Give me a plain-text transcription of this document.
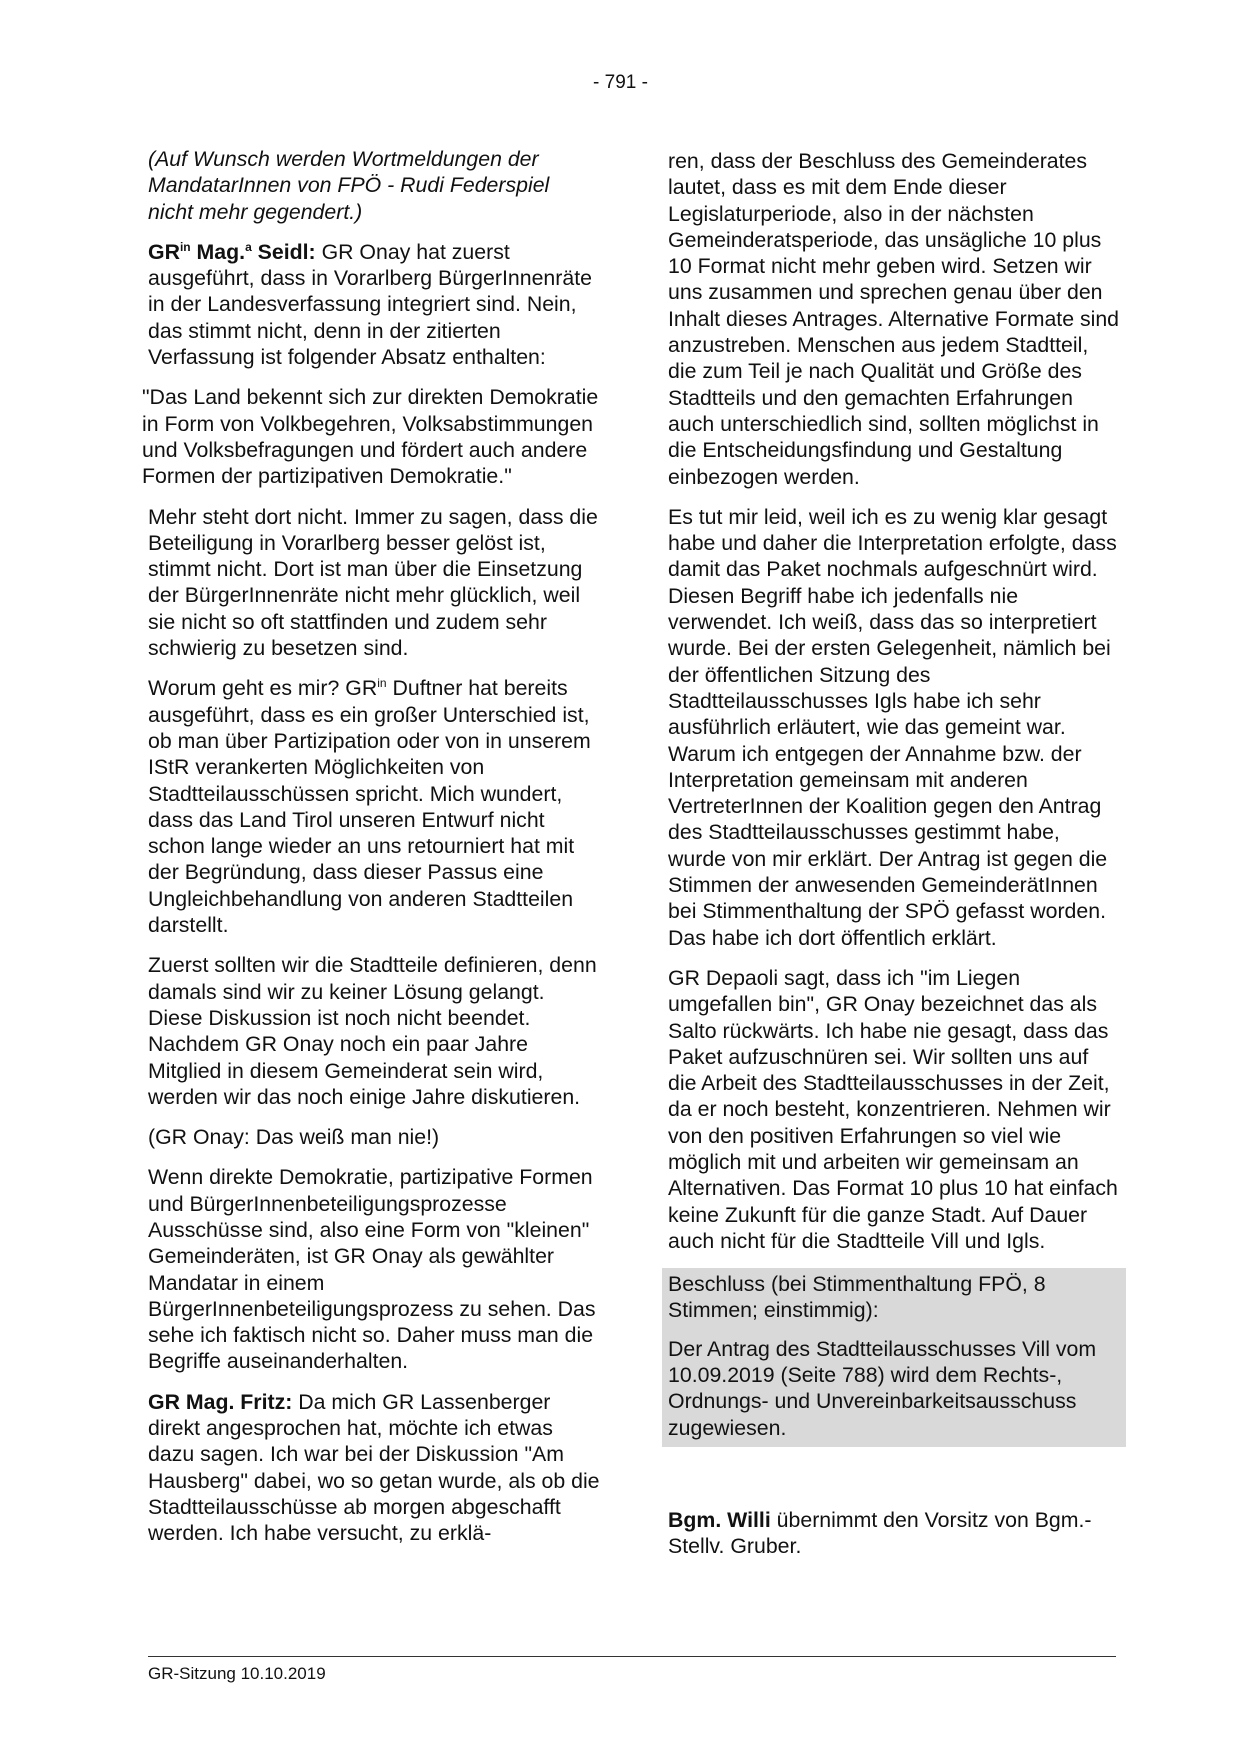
- 791 -

(Auf Wunsch werden Wortmeldungen der MandatarInnen von FPÖ - Rudi Federspiel nicht mehr gegendert.)

$GR^{in}$ Mag.$^a$ Seidl: GR Onay hat zuerst ausgeführt, dass in Vorarlberg BürgerInnenräte in der Landesverfassung integriert sind. Nein, das stimmt nicht, denn in der zitierten Verfassung ist folgender Absatz enthalten:

"Das Land bekennt sich zur direkten Demokratie in Form von Volkbegehren, Volksabstimmungen und Volksbefragungen und fördert auch andere Formen der partizipativen Demokratie."

Mehr steht dort nicht. Immer zu sagen, dass die Beteiligung in Vorarlberg besser gelöst ist, stimmt nicht. Dort ist man über die Einsetzung der BürgerInnenräte nicht mehr glücklich, weil sie nicht so oft stattfinden und zudem sehr schwierig zu besetzen sind.

Worum geht es mir? $GR^{in}$ Duftner hat bereits ausgeführt, dass es ein großer Unterschied ist, ob man über Partizipation oder von in unserem IStR verankerten Möglichkeiten von Stadtteilausschüssen spricht. Mich wundert, dass das Land Tirol unseren Entwurf nicht schon lange wieder an uns retourniert hat mit der Begründung, dass dieser Passus eine Ungleichbehandlung von anderen Stadtteilen darstellt.

Zuerst sollten wir die Stadtteile definieren, denn damals sind wir zu keiner Lösung gelangt. Diese Diskussion ist noch nicht beendet. Nachdem GR Onay noch ein paar Jahre Mitglied in diesem Gemeinderat sein wird, werden wir das noch einige Jahre diskutieren.

(GR Onay: Das weiß man nie!)

Wenn direkte Demokratie, partizipative Formen und BürgerInnenbeteiligungsprozesse Ausschüsse sind, also eine Form von "kleinen" Gemeinderäten, ist GR Onay als gewählter Mandatar in einem BürgerInnenbeteiligungsprozess zu sehen. Das sehe ich faktisch nicht so. Daher muss man die Begriffe auseinanderhalten.

GR Mag. Fritz: Da mich GR Lassenberger direkt angesprochen hat, möchte ich etwas dazu sagen. Ich war bei der Diskussion "Am Hausberg" dabei, wo so getan wurde, als ob die Stadtteilausschüsse ab morgen abgeschafft werden. Ich habe versucht, zu erklä-

ren, dass der Beschluss des Gemeinderates lautet, dass es mit dem Ende dieser Legislaturperiode, also in der nächsten Gemeinderatsperiode, das unsägliche 10 plus 10 Format nicht mehr geben wird. Setzen wir uns zusammen und sprechen genau über den Inhalt dieses Antrages. Alternative Formate sind anzustreben. Menschen aus jedem Stadtteil, die zum Teil je nach Qualität und Größe des Stadtteils und den gemachten Erfahrungen auch unterschiedlich sind, sollten möglichst in die Entscheidungsfindung und Gestaltung einbezogen werden.

Es tut mir leid, weil ich es zu wenig klar gesagt habe und daher die Interpretation erfolgte, dass damit das Paket nochmals aufgeschnürt wird. Diesen Begriff habe ich jedenfalls nie verwendet. Ich weiß, dass das so interpretiert wurde. Bei der ersten Gelegenheit, nämlich bei der öffentlichen Sitzung des Stadtteilausschusses Igls habe ich sehr ausführlich erläutert, wie das gemeint war. Warum ich entgegen der Annahme bzw. der Interpretation gemeinsam mit anderen VertreterInnen der Koalition gegen den Antrag des Stadtteilausschusses gestimmt habe, wurde von mir erklärt. Der Antrag ist gegen die Stimmen der anwesenden GemeinderätInnen bei Stimmenthaltung der SPÖ gefasst worden. Das habe ich dort öffentlich erklärt.

GR Depaoli sagt, dass ich "im Liegen umgefallen bin", GR Onay bezeichnet das als Salto rückwärts. Ich habe nie gesagt, dass das Paket aufzuschnüren sei. Wir sollten uns auf die Arbeit des Stadtteilausschusses in der Zeit, da er noch besteht, konzentrieren. Nehmen wir von den positiven Erfahrungen so viel wie möglich mit und arbeiten wir gemeinsam an Alternativen. Das Format 10 plus 10 hat einfach keine Zukunft für die ganze Stadt. Auf Dauer auch nicht für die Stadtteile Vill und Igls.

Beschluss (bei Stimmenthaltung FPÖ, 8 Stimmen; einstimmig):

Der Antrag des Stadtteilausschusses Vill vom 10.09.2019 (Seite 788) wird dem Rechts-, Ordnungs- und Unvereinbarkeitsausschuss zugewiesen.

Bgm. Willi übernimmt den Vorsitz von Bgm.-Stellv. Gruber.

GR-Sitzung 10.10.2019
